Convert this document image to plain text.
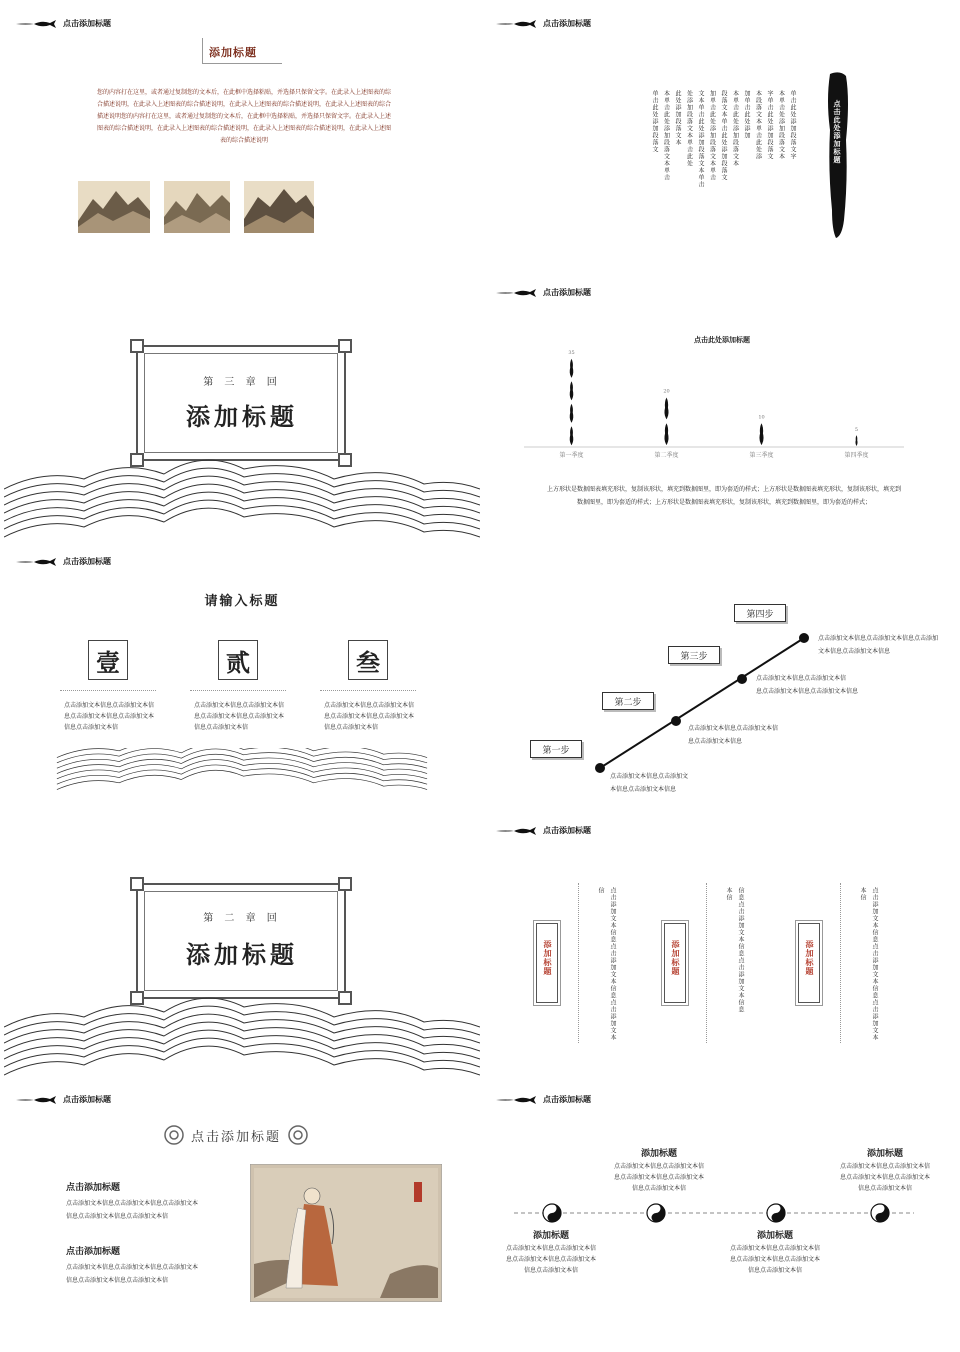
点击添加标题
添加标题
您的内容打在这里，或者通过复制您的文本后，在此框中选择粘贴，并选择只保留文字。在此录入上述图表的综
合描述说明，在此录入上述图表的综合描述说明，在此录入上述图表的综合描述说明，在此录入上述图表的综合
描述说明您的内容打在这里，或者通过复制您的文本后，在此框中选择粘贴，并选择只保留文字。在此录入上述
图表的综合描述说明，在此录入上述图表的综合描述说明，在此录入上述图表的综合描述说明，在此录入上述图
表的综合描述说明
点击添加标题
单击此处添加段落文字
本单击处添加段落文本
字单击此处添加段落文
本段落文本单击此处添
加单击此处添加
本单击此处添加段落文本
段落文本单击此处添加段落文
加单击此处添加段落文本单击
文本单击此处添加段落文本单击
处添加段落文本单击此处
此处添加段落文本
本单击此处添加段落文本单击
单击此处添加段落文	点击此处添加标题
第 三 章 回
添加标题
点击添加标题
点击此处添加标题
35
第一季度
20
第二季度
10
第三季度
5
第四季度
上方形状是数据图表填充形状，复制该形状，填充到数据图里，即为套适的样式；上方形状是数据图表填充形状，复制该形状，填充到
数据图里，即为套适的样式；上方形状是数据图表填充形状，复制该形状，填充到数据图里，即为套适的样式；
点击添加标题
请输入标题
壹
点击添加文本信息点击添加文本信
息点击添加文本信息点击添加文本
信息点击添加文本信
贰
点击添加文本信息点击添加文本信
息点击添加文本信息点击添加文本
信息点击添加文本信
叁
点击添加文本信息点击添加文本信
息点击添加文本信息点击添加文本
信息点击添加文本信
第一步
点击添加文本信息点击添加文
本信息点击添加文本信息
第二步
点击添加文本信息点击添加文本信
息点击添加文本信息
第三步
点击添加文本信息点击添加文本信
息点击添加文本信息点击添加文本信息
第四步
点击添加文本信息点击添加文本信息点击添加
文本信息点击添加文本信息
第 二 章 回
添加标题
点击添加标题
添加标题	点击添加文本信息点击添加文本信息点击添加文本
信
添加标题	信息点击添加文本信息点击添加文本信息
本信
添加标题	点击添加文本信息点击添加文本信息点击添加文本
本信
点击添加标题
点击添加标题
点击添加标题
点击添加文本信息点击添加文本信息点击添加文本
信息点击添加文本信息点击添加文本信
点击添加标题
点击添加文本信息点击添加文本信息点击添加文本
信息点击添加文本信息点击添加文本信
点击添加标题
添加标题
点击添加文本信息点击添加文本信
息点击添加文本信息点击添加文本
信息点击添加文本信
添加标题
点击添加文本信息点击添加文本信
息点击添加文本信息点击添加文本
信息点击添加文本信
添加标题
点击添加文本信息点击添加文本信
息点击添加文本信息点击添加文本
信息点击添加文本信
添加标题
点击添加文本信息点击添加文本信
息点击添加文本信息点击添加文本
信息点击添加文本信
